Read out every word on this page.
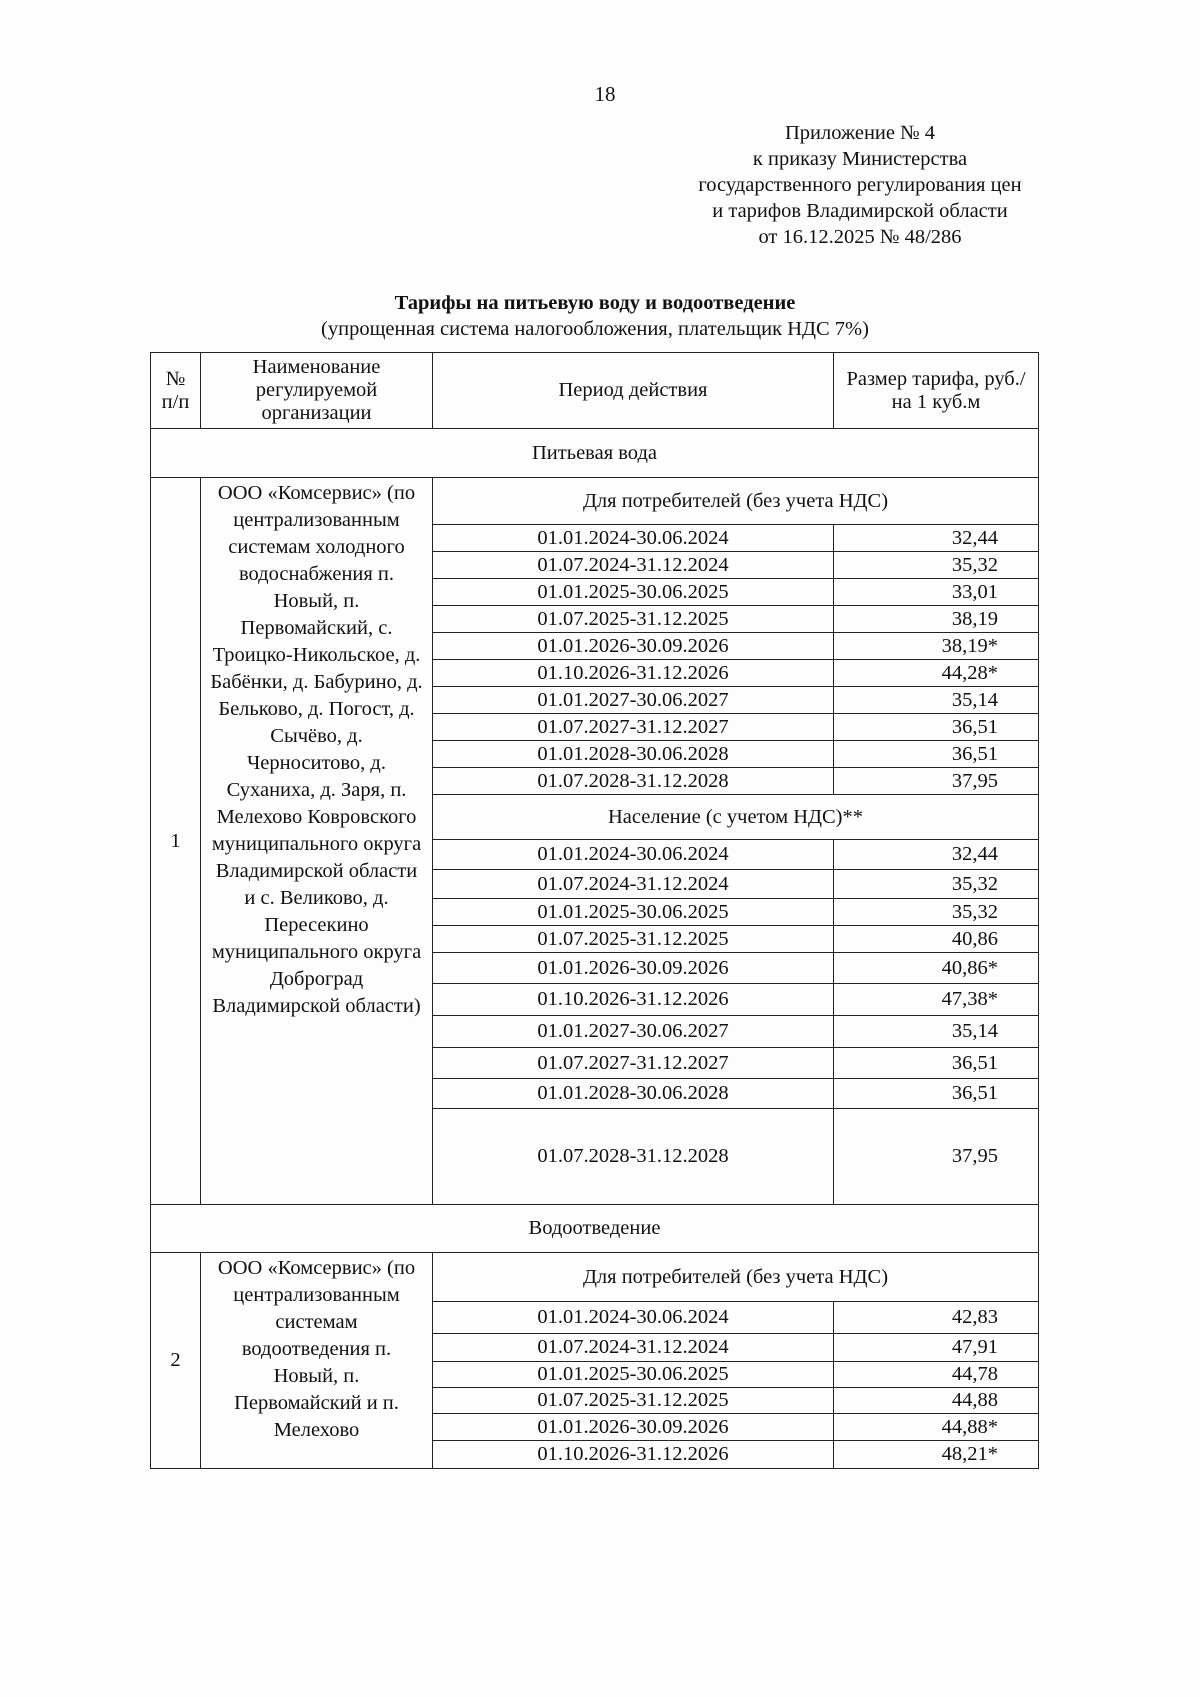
18
Приложение № 4
к приказу Министерства
государственного регулирования цен
и тарифов Владимирской области
от 16.12.2025 № 48/286
Тарифы на питьевую воду и водоотведение
(упрощенная система налогообложения, плательщик НДС 7%)
№ п/п	Наименование регулируемой организации	Период действия	Размер тарифа, руб./на 1 куб.м
Питьевая вода			
1	ООО «Комсервис» (по централизованным системам холодного водоснабжения п. Новый, п. Первомайский, с. Троицко-Никольское, д. Бабёнки, д. Бабурино, д. Бельково, д. Погост, д. Сычёво, д. Черноситово, д. Суханиха, д. Заря, п. Мелехово Ковровского муниципального округа Владимирской области и с. Великово, д. Пересекино муниципального округа Доброград Владимирской области)	Для потребителей (без учета НДС)	
		01.01.2024-30.06.2024	32,44
		01.07.2024-31.12.2024	35,32
		01.01.2025-30.06.2025	33,01
		01.07.2025-31.12.2025	38,19
		01.01.2026-30.09.2026	38,19*
		01.10.2026-31.12.2026	44,28*
		01.01.2027-30.06.2027	35,14
		01.07.2027-31.12.2027	36,51
		01.01.2028-30.06.2028	36,51
		01.07.2028-31.12.2028	37,95
		Население (с учетом НДС)**	
		01.01.2024-30.06.2024	32,44
		01.07.2024-31.12.2024	35,32
		01.01.2025-30.06.2025	35,32
		01.07.2025-31.12.2025	40,86
		01.01.2026-30.09.2026	40,86*
		01.10.2026-31.12.2026	47,38*
		01.01.2027-30.06.2027	35,14
		01.07.2027-31.12.2027	36,51
		01.01.2028-30.06.2028	36,51
		01.07.2028-31.12.2028	37,95
Водоотведение			
2	ООО «Комсервис» (по централизованным системам водоотведения п. Новый, п. Первомайский и п. Мелехово	Для потребителей (без учета НДС)	
		01.01.2024-30.06.2024	42,83
		01.07.2024-31.12.2024	47,91
		01.01.2025-30.06.2025	44,78
		01.07.2025-31.12.2025	44,88
		01.01.2026-30.09.2026	44,88*
		01.10.2026-31.12.2026	48,21*
